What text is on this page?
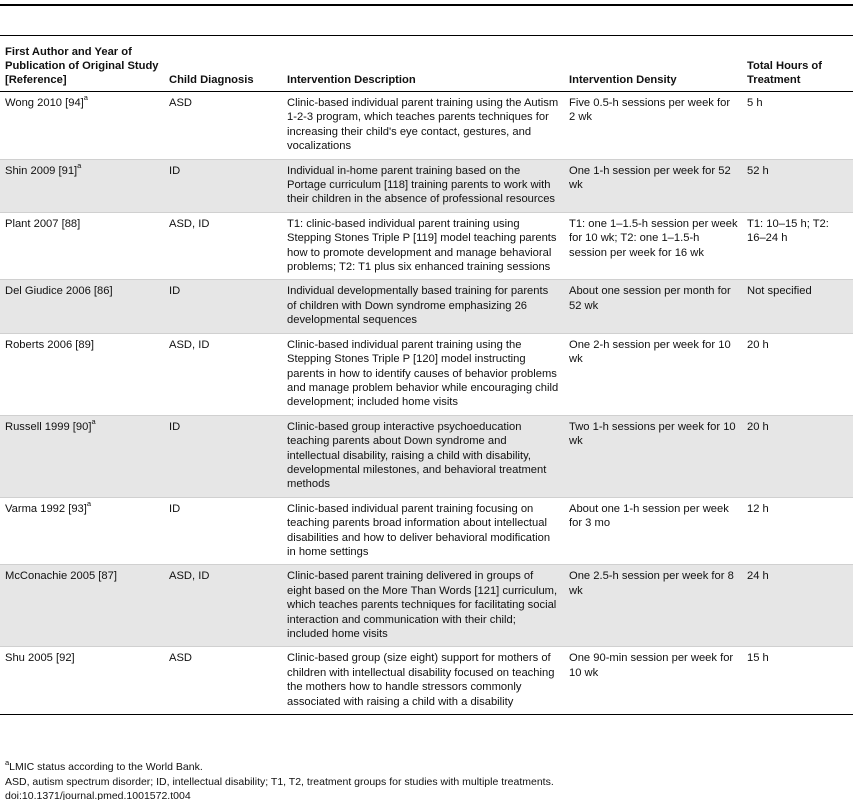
First Author and Year of Publication of Original Study [Reference]	Child Diagnosis	Intervention Description	Intervention Density	Total Hours of Treatment
Wong 2010 $[94]^a$	ASD	Clinic-based individual parent training using the Autism 1-2-3 program, which teaches parents techniques for increasing their child's eye contact, gestures, and vocalizations	Five 0.5-h sessions per week for 2 wk	5 h
Shin 2009 $[91]^a$	ID	Individual in-home parent training based on the Portage curriculum [118] training parents to work with their children in the absence of professional resources	One 1-h session per week for 52 wk	52 h
Plant 2007 [88]	ASD, ID	T1: clinic-based individual parent training using Stepping Stones Triple P [119] model teaching parents how to promote development and manage behavioral problems; T2: T1 plus six enhanced training sessions	T1: one 1–1.5-h session per week for 10 wk; T2: one 1–1.5-h session per week for 16 wk	T1: 10–15 h; T2: 16–24 h
Del Giudice 2006 [86]	ID	Individual developmentally based training for parents of children with Down syndrome emphasizing 26 developmental sequences	About one session per month for 52 wk	Not specified
Roberts 2006 [89]	ASD, ID	Clinic-based individual parent training using the Stepping Stones Triple P [120] model instructing parents in how to identify causes of behavior problems and manage problem behavior while encouraging child development; included home visits	One 2-h session per week for 10 wk	20 h
Russell 1999 $[90]^a$	ID	Clinic-based group interactive psychoeducation teaching parents about Down syndrome and intellectual disability, raising a child with disability, developmental milestones, and behavioral treatment methods	Two 1-h sessions per week for 10 wk	20 h
Varma 1992 $[93]^a$	ID	Clinic-based individual parent training focusing on teaching parents broad information about intellectual disabilities and how to deliver behavioral modification in home settings	About one 1-h session per week for 3 mo	12 h
McConachie 2005 [87]	ASD, ID	Clinic-based parent training delivered in groups of eight based on the More Than Words [121] curriculum, which teaches parents techniques for facilitating social interaction and communication with their child; included home visits	One 2.5-h session per week for 8 wk	24 h
Shu 2005 [92]	ASD	Clinic-based group (size eight) support for mothers of children with intellectual disability focused on teaching the mothers how to handle stressors commonly associated with raising a child with a disability	One 90-min session per week for 10 wk	15 h
$^a$LMIC status according to the World Bank.
ASD, autism spectrum disorder; ID, intellectual disability; T1, T2, treatment groups for studies with multiple treatments.
doi:10.1371/journal.pmed.1001572.t004
